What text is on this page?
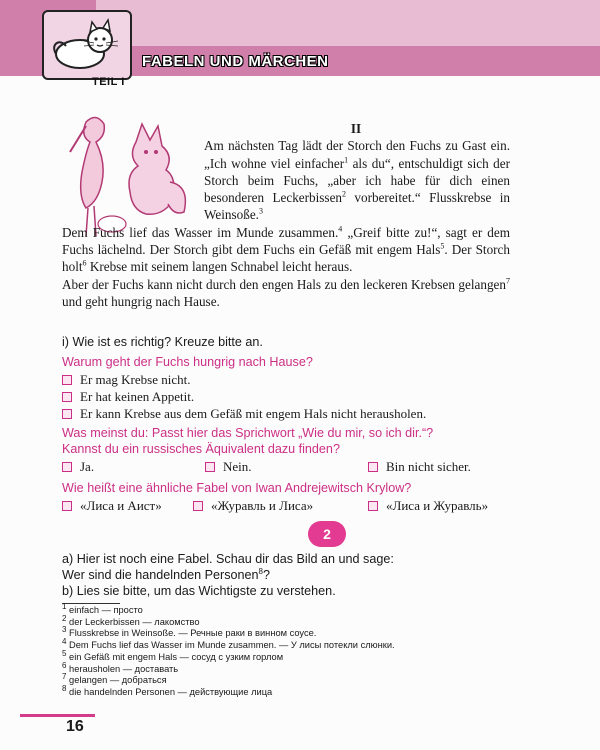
TEIL I
FABELN UND MÄRCHEN

II

Am nächsten Tag lädt der Storch den Fuchs zu Gast ein. „Ich wohne viel einfacher$^1$ als du“, entschuldigt sich der Storch beim Fuchs, „aber ich habe für dich einen besonderen Leckerbissen$^2$ vorbereitet.“ Flusskrebse in Weinsoße.$^3$

Dem Fuchs lief das Wasser im Munde zusammen.$^4$ „Greif bitte zu!“, sagt er dem Fuchs lächelnd. Der Storch gibt dem Fuchs ein Gefäß mit engem Hals$^5$. Der Storch holt$^6$ Krebse mit seinem langen Schnabel leicht heraus.

Aber der Fuchs kann nicht durch den engen Hals zu den leckeren Krebsen gelangen$^7$ und geht hungrig nach Hause.

i) Wie ist es richtig? Kreuze bitte an.
Warum geht der Fuchs hungrig nach Hause?
Er mag Krebse nicht.
Er hat keinen Appetit.
Er kann Krebse aus dem Gefäß mit engem Hals nicht herausholen.
Was meinst du: Passt hier das Sprichwort „Wie du mir, so ich dir.“?
Kannst du ein russisches Äquivalent dazu finden?
Ja.	Nein.	Bin nicht sicher.
Wie heißt eine ähnliche Fabel von Iwan Andrejewitsch Krylow?
«Лиса и Аист»	«Журавль и Лиса»	«Лиса и Журавль»
2
a) Hier ist noch eine Fabel. Schau dir das Bild an und sage:
Wer sind die handelnden Personen$^8$?
b) Lies sie bitte, um das Wichtigste zu verstehen.
$^1$ einfach — просто
$^2$ der Leckerbissen — лакомство
$^3$ Flusskrebse in Weinsoße. — Речные раки в винном соусе.
$^4$ Dem Fuchs lief das Wasser im Munde zusammen. — У лисы потекли слюнки.
$^5$ ein Gefäß mit engem Hals — сосуд с узким горлом
$^6$ herausholen — доставать
$^7$ gelangen — добраться
$^8$ die handelnden Personen — действующие лица
16
